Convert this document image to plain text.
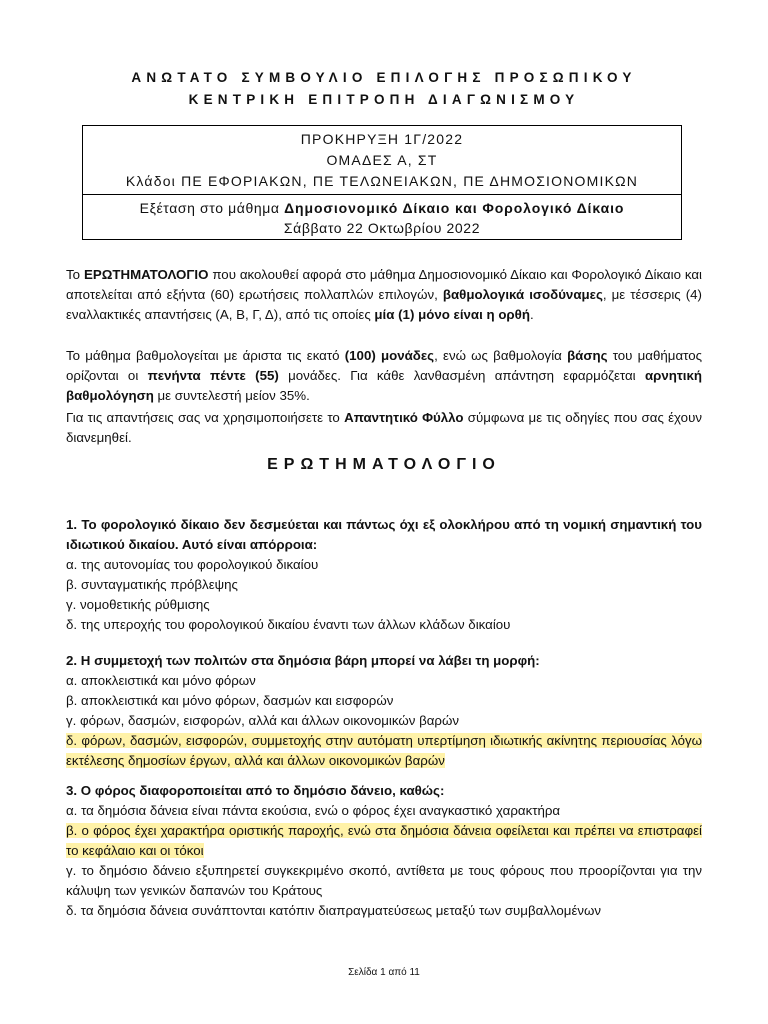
ΑΝΩΤΑΤΟ ΣΥΜΒΟΥΛΙΟ ΕΠΙΛΟΓΗΣ ΠΡΟΣΩΠΙΚΟΥ
ΚΕΝΤΡΙΚΗ ΕΠΙΤΡΟΠΗ ΔΙΑΓΩΝΙΣΜΟΥ
ΠΡΟΚΗΡΥΞΗ 1Γ/2022
ΟΜΑΔΕΣ Α, ΣΤ
Κλάδοι ΠΕ ΕΦΟΡΙΑΚΩΝ, ΠΕ ΤΕΛΩΝΕΙΑΚΩΝ, ΠΕ ΔΗΜΟΣΙΟΝΟΜΙΚΩΝ
Εξέταση στο μάθημα Δημοσιονομικό Δίκαιο και Φορολογικό Δίκαιο
Σάββατο 22 Οκτωβρίου 2022
Το ΕΡΩΤΗΜΑΤΟΛΟΓΙΟ που ακολουθεί αφορά στο μάθημα Δημοσιονομικό Δίκαιο και Φορολογικό Δίκαιο και αποτελείται από εξήντα (60) ερωτήσεις πολλαπλών επιλογών, βαθμολογικά ισοδύναμες, με τέσσερις (4) εναλλακτικές απαντήσεις (Α, Β, Γ, Δ), από τις οποίες μία (1) μόνο είναι η ορθή.
Το μάθημα βαθμολογείται με άριστα τις εκατό (100) μονάδες, ενώ ως βαθμολογία βάσης του μαθήματος ορίζονται οι πενήντα πέντε (55) μονάδες. Για κάθε λανθασμένη απάντηση εφαρμόζεται αρνητική βαθμολόγηση με συντελεστή μείον 35%.
Για τις απαντήσεις σας να χρησιμοποιήσετε το Απαντητικό Φύλλο σύμφωνα με τις οδηγίες που σας έχουν διανεμηθεί.
ΕΡΩΤΗΜΑΤΟΛΟΓΙΟ
1. Το φορολογικό δίκαιο δεν δεσμεύεται και πάντως όχι εξ ολοκλήρου από τη νομική σημαντική του ιδιωτικού δικαίου. Αυτό είναι απόρροια:
α. της αυτονομίας του φορολογικού δικαίου
β. συνταγματικής πρόβλεψης
γ. νομοθετικής ρύθμισης
δ. της υπεροχής του φορολογικού δικαίου έναντι των άλλων κλάδων δικαίου
2. Η συμμετοχή των πολιτών στα δημόσια βάρη μπορεί να λάβει τη μορφή:
α. αποκλειστικά και μόνο φόρων
β. αποκλειστικά και μόνο φόρων, δασμών και εισφορών
γ. φόρων, δασμών, εισφορών, αλλά και άλλων οικονομικών βαρών
δ. φόρων, δασμών, εισφορών, συμμετοχής στην αυτόματη υπερτίμηση ιδιωτικής ακίνητης περιουσίας λόγω εκτέλεσης δημοσίων έργων, αλλά και άλλων οικονομικών βαρών
3. Ο φόρος διαφοροποιείται από το δημόσιο δάνειο, καθώς:
α. τα δημόσια δάνεια είναι πάντα εκούσια, ενώ ο φόρος έχει αναγκαστικό χαρακτήρα
β. ο φόρος έχει χαρακτήρα οριστικής παροχής, ενώ στα δημόσια δάνεια οφείλεται και πρέπει να επιστραφεί το κεφάλαιο και οι τόκοι
γ. το δημόσιο δάνειο εξυπηρετεί συγκεκριμένο σκοπό, αντίθετα με τους φόρους που προορίζονται για την κάλυψη των γενικών δαπανών του Κράτους
δ. τα δημόσια δάνεια συνάπτονται κατόπιν διαπραγματεύσεως μεταξύ των συμβαλλομένων
Σελίδα 1 από 11
